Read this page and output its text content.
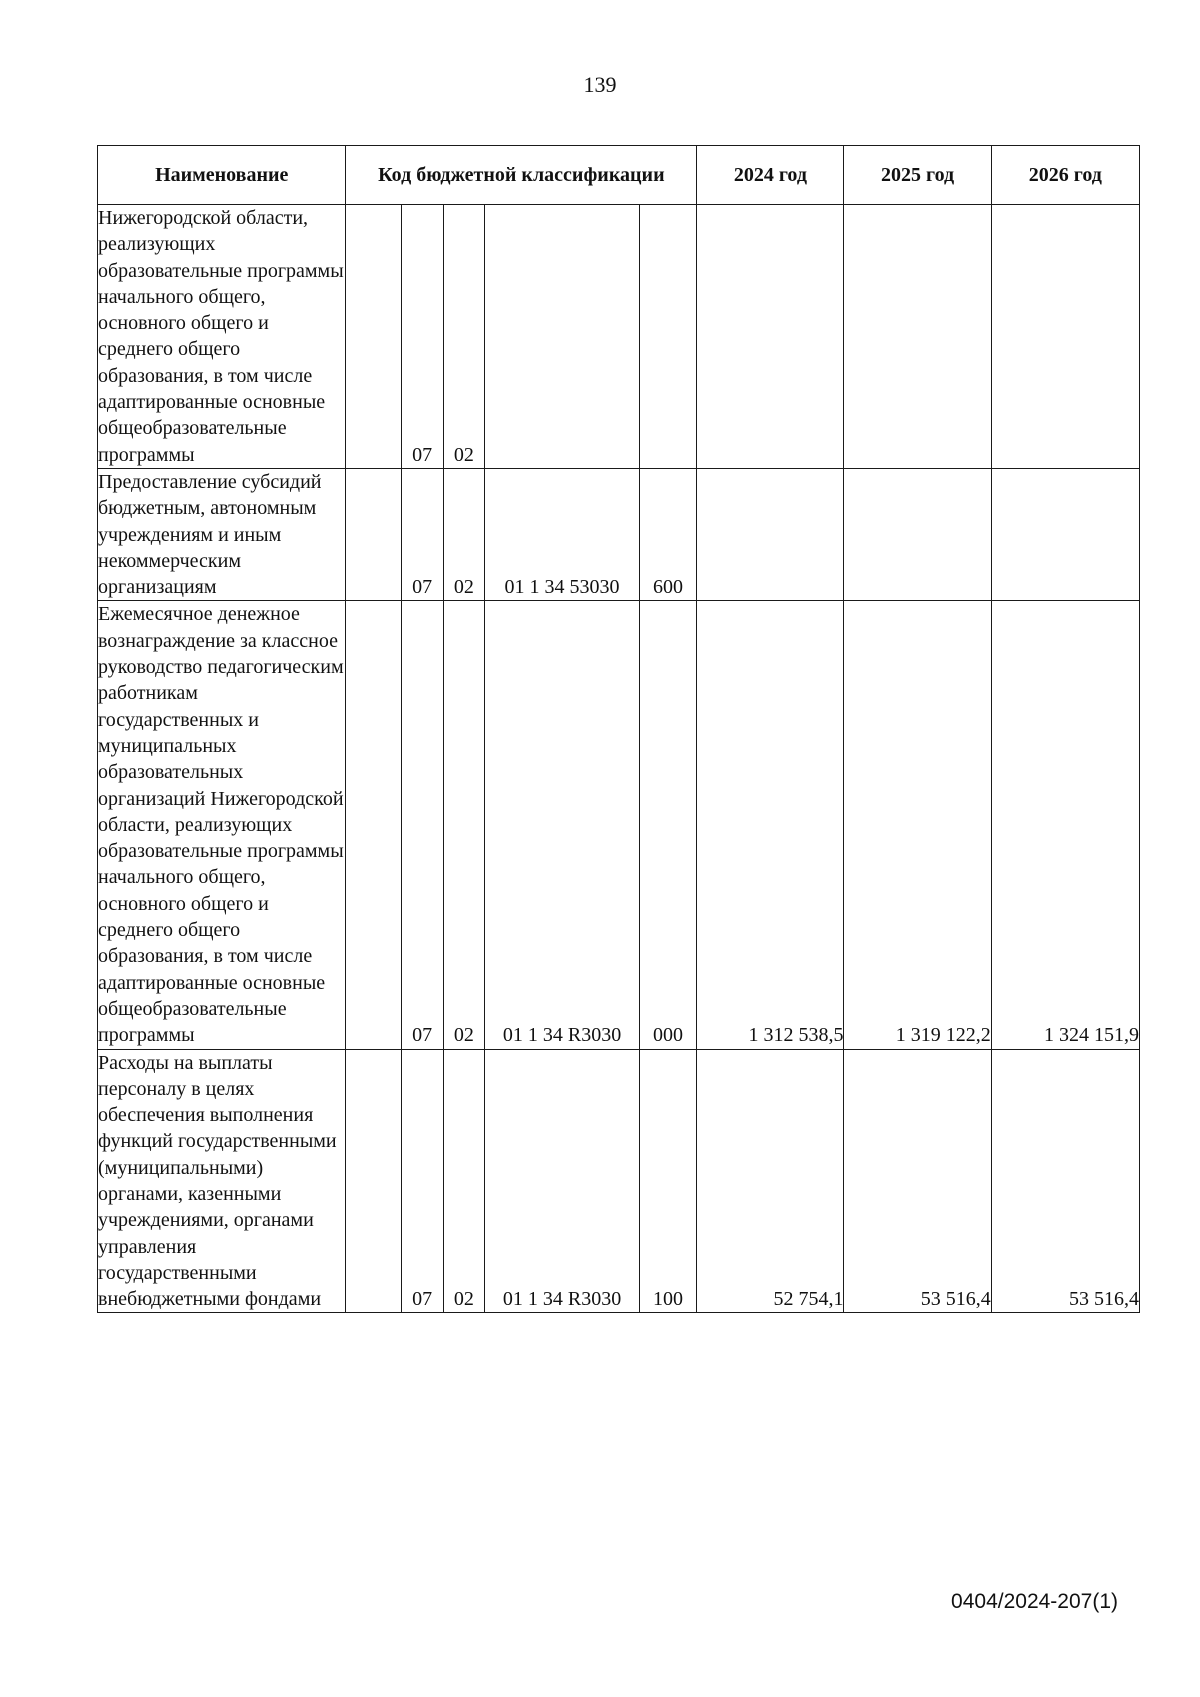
139
Наименование	Код бюджетной классификации					2024 год	2025 год	2026 год
Нижегородской области, реализующих образовательные программы начального общего, основного общего и среднего общего образования, в том числе адаптированные основные общеобразовательные программы		07	02					
Предоставление субсидий бюджетным, автономным учреждениям и иным некоммерческим организациям		07	02	01 1 34 53030	600			
Ежемесячное денежное вознаграждение за классное руководство педагогическим работникам государственных и муниципальных образовательных организаций Нижегородской области, реализующих образовательные программы начального общего, основного общего и среднего общего образования, в том числе адаптированные основные общеобразовательные программы		07	02	01 1 34 R3030	000	1 312 538,5	1 319 122,2	1 324 151,9
Расходы на выплаты персоналу в целях обеспечения выполнения функций государственными (муниципальными) органами, казенными учреждениями, органами управления государственными внебюджетными фондами		07	02	01 1 34 R3030	100	52 754,1	53 516,4	53 516,4
0404/2024-207(1)
